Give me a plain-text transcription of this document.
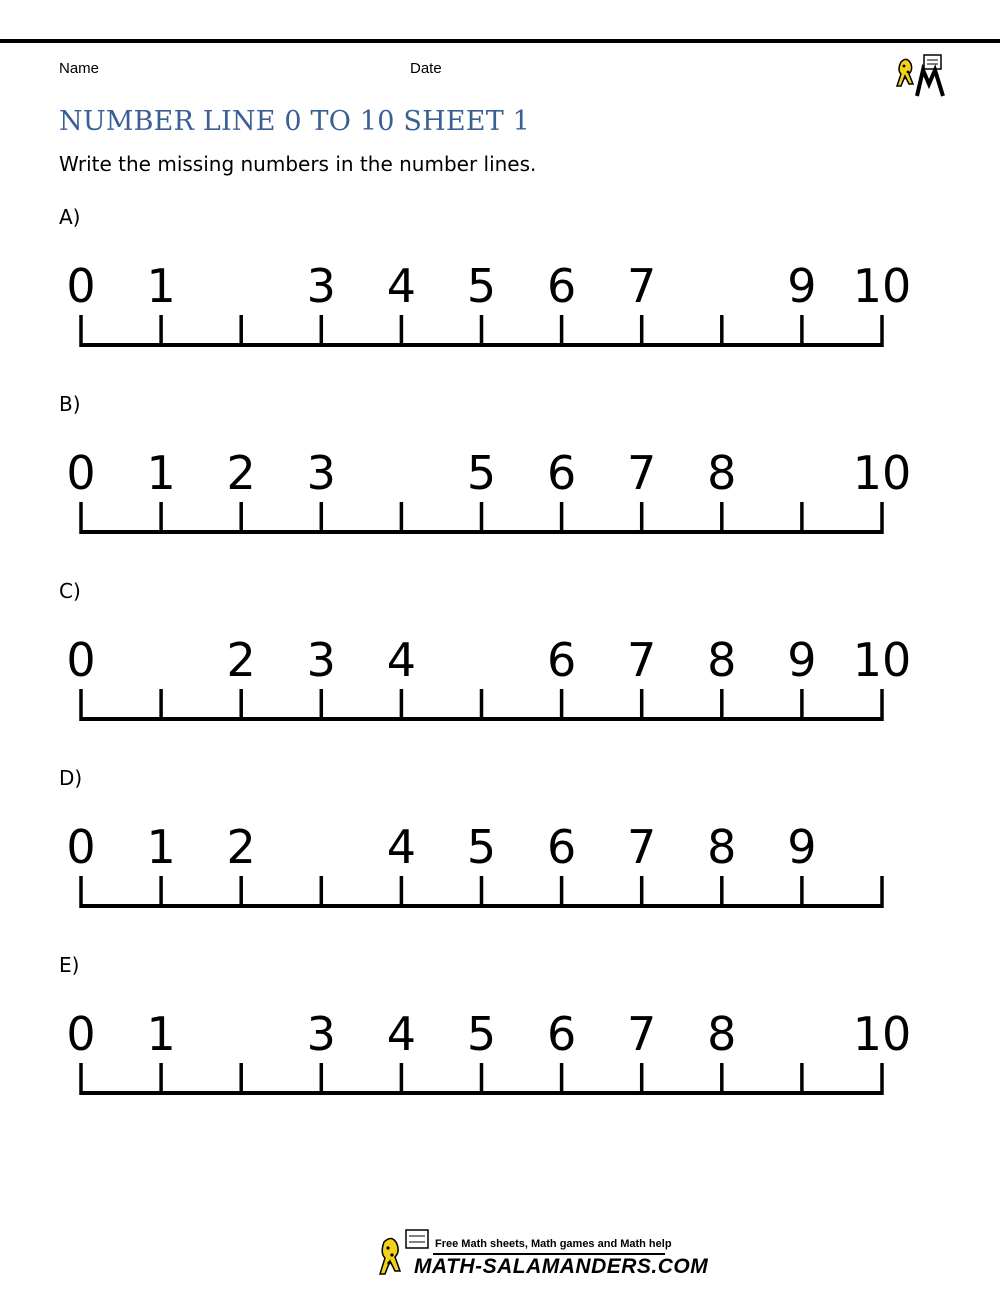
Name	Date
NUMBER LINE 0 TO 10 SHEET 1
Write the missing numbers in the number lines.
A)
0 1	3 4 5 6 7	9 10
B)
0 1 2 3	5 6 7 8	10
C)
0	2 3 4	6 7 8 9 10
D)
0 1 2	4 5 6 7 8 9
E)
0 1	3 4 5 6 7 8	10
Free Math sheets, Math games and Math help
MATH-SALAMANDERS.COM
